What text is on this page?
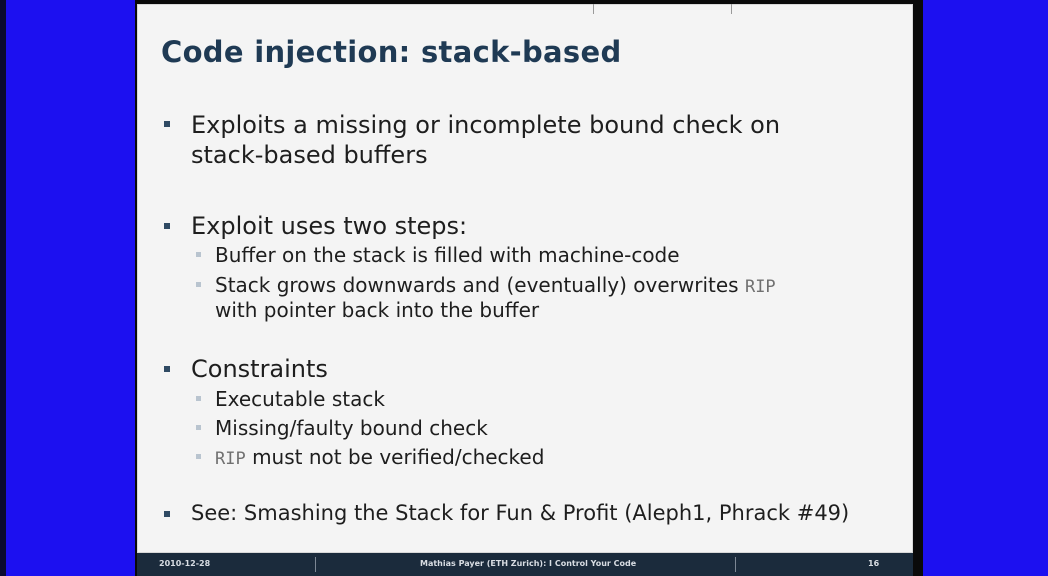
Code injection: stack-based
Exploits a missing or incomplete bound check on
stack-based buffers
Exploit uses two steps:
Buffer on the stack is filled with machine-code
Stack grows downwards and (eventually) overwrites RIP
with pointer back into the buffer
Constraints
Executable stack
Missing/faulty bound check
RIP must not be verified/checked
See: Smashing the Stack for Fun & Profit (Aleph1, Phrack #49)
2010-12-28	Mathias Payer (ETH Zurich): I Control Your Code	16
